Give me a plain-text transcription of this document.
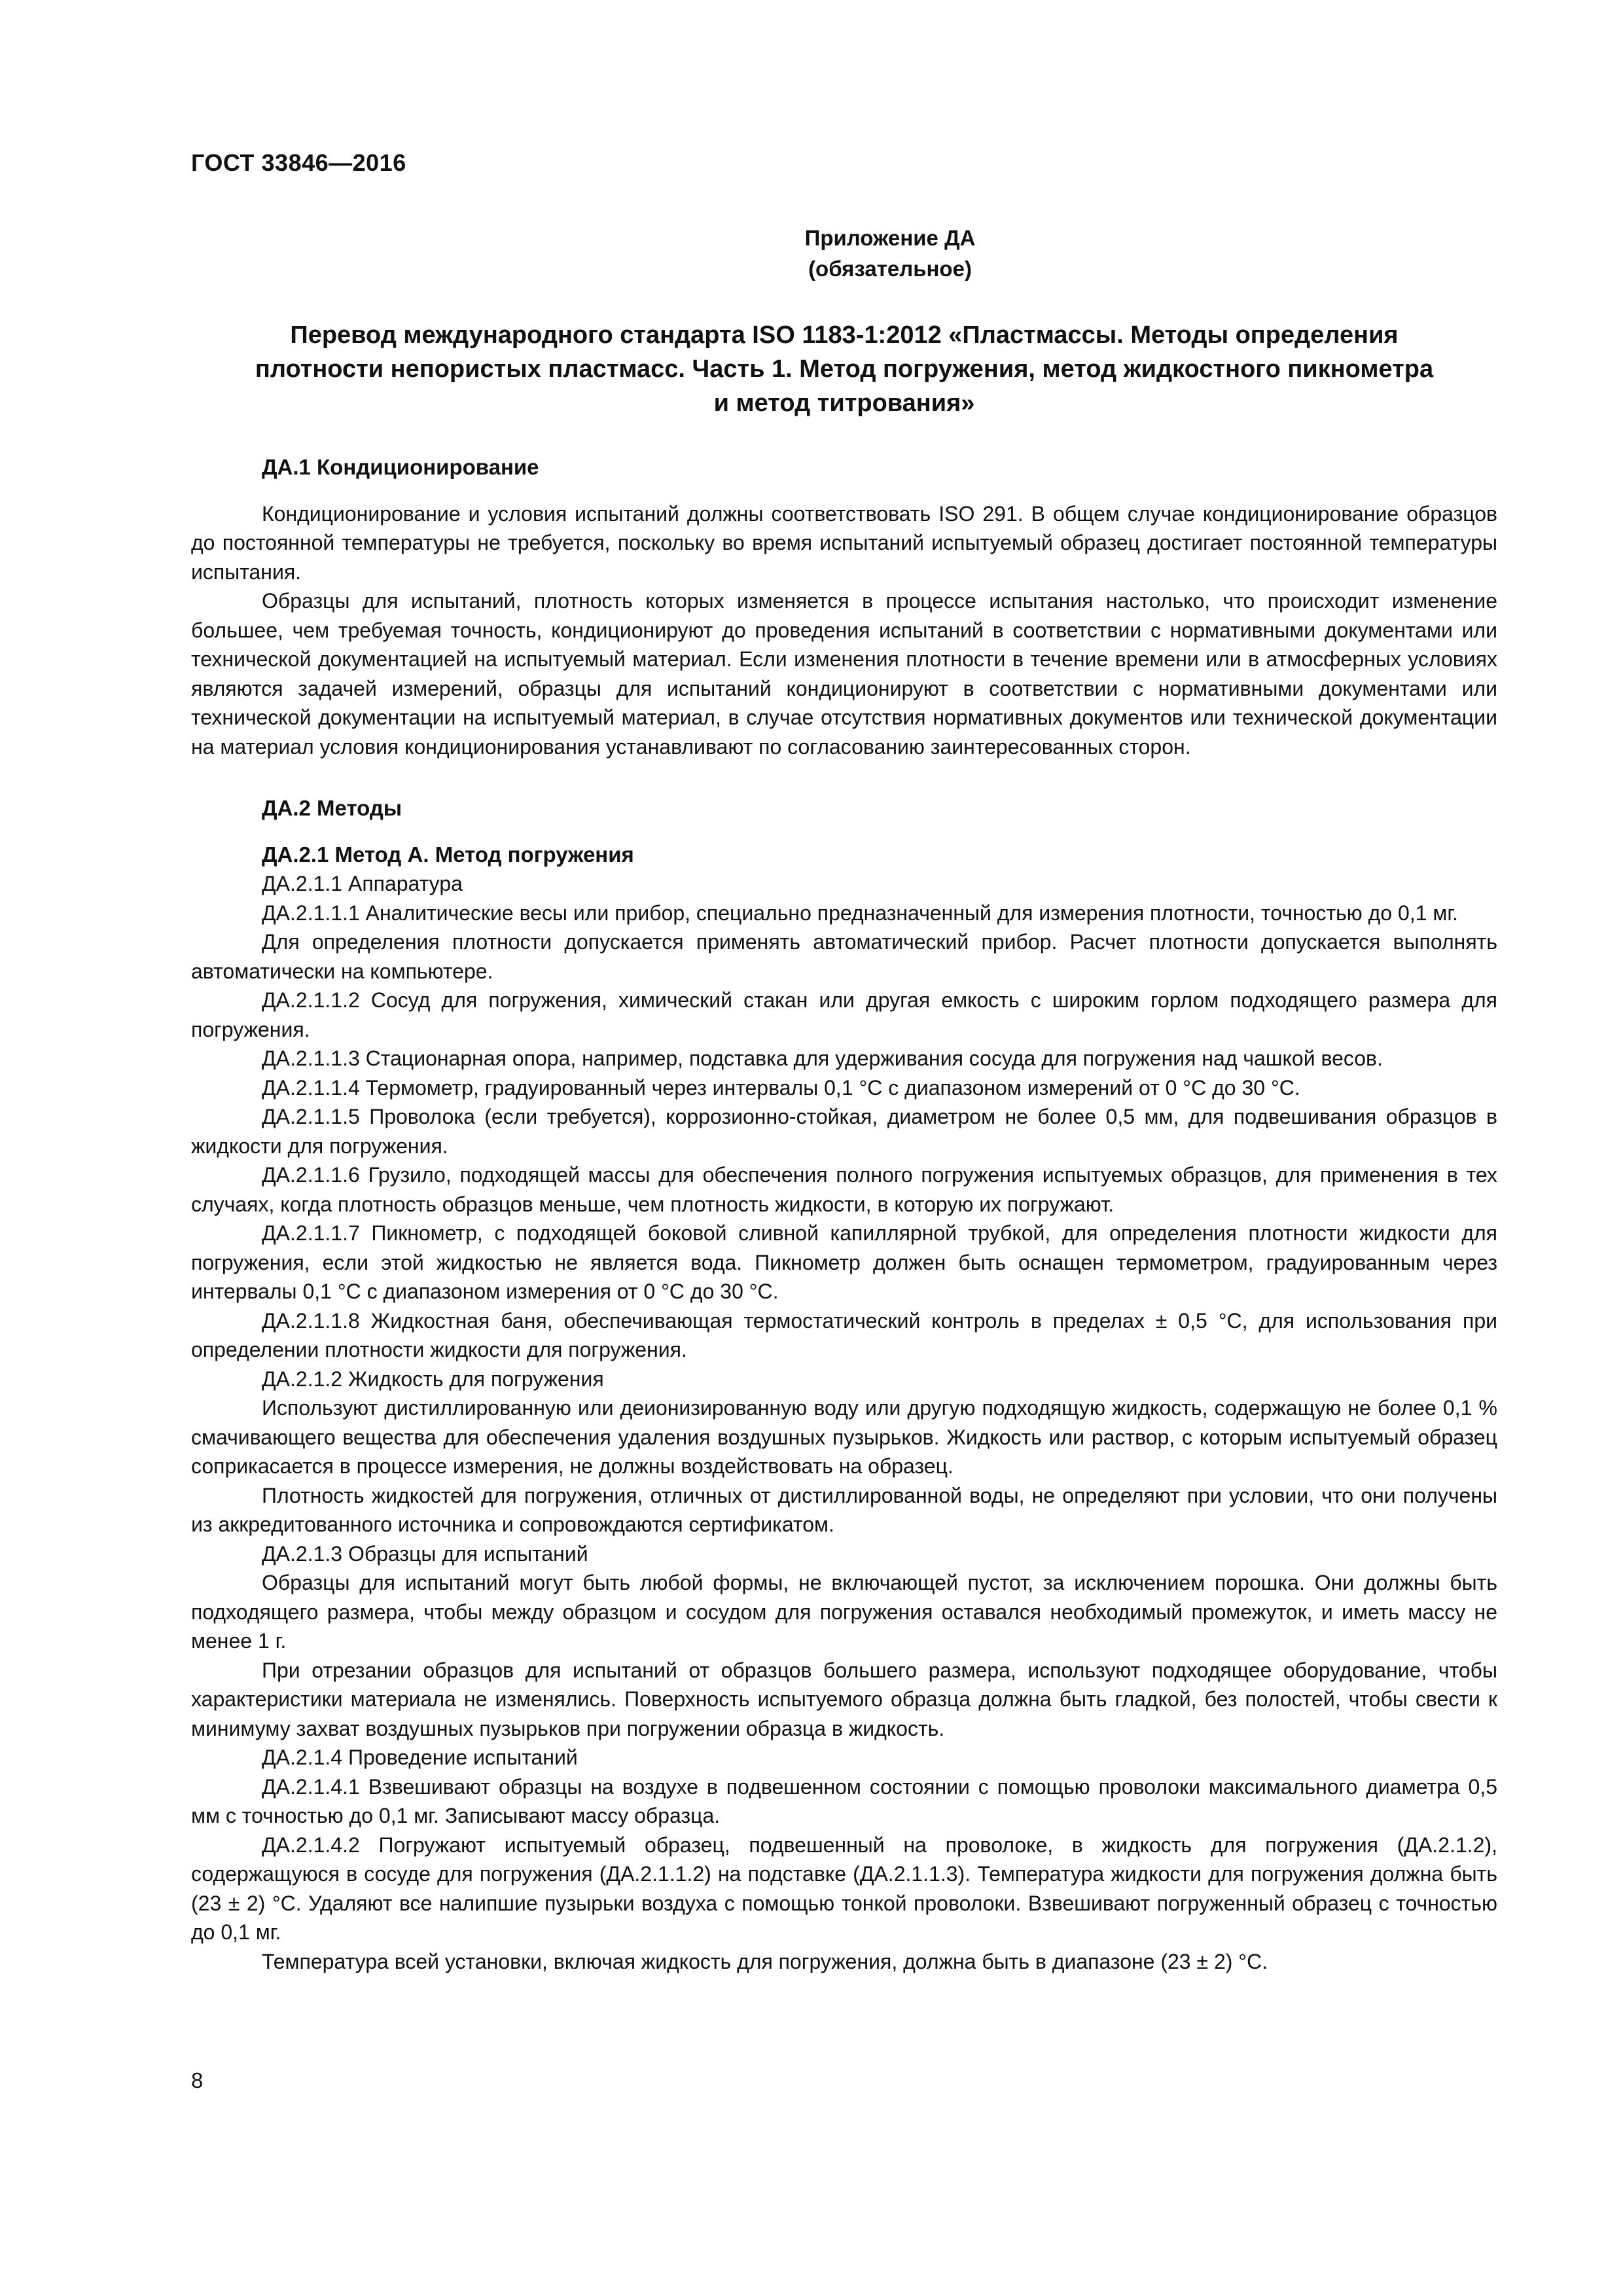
ГОСТ 33846—2016
Приложение ДА
(обязательное)
Перевод международного стандарта ISO 1183-1:2012 «Пластмассы. Методы определения
плотности непористых пластмасс. Часть 1. Метод погружения, метод жидкостного пикнометра
и метод титрования»
ДА.1 Кондиционирование

Кондиционирование и условия испытаний должны соответствовать ISO 291. В общем случае кондиционирование образцов до постоянной температуры не требуется, поскольку во время испытаний испытуемый образец достигает постоянной температуры испытания.

Образцы для испытаний, плотность которых изменяется в процессе испытания настолько, что происходит изменение большее, чем требуемая точность, кондиционируют до проведения испытаний в соответствии с нормативными документами или технической документацией на испытуемый материал. Если изменения плотности в течение времени или в атмосферных условиях являются задачей измерений, образцы для испытаний кондиционируют в соответствии с нормативными документами или технической документации на испытуемый материал, в случае отсутствия нормативных документов или технической документации на материал условия кондиционирования устанавливают по согласованию заинтересованных сторон.

ДА.2 Методы
ДА.2.1 Метод А. Метод погружения

ДА.2.1.1 Аппаратура

ДА.2.1.1.1 Аналитические весы или прибор, специально предназначенный для измерения плотности, точностью до 0,1 мг.

Для определения плотности допускается применять автоматический прибор. Расчет плотности допускается выполнять автоматически на компьютере.

ДА.2.1.1.2 Сосуд для погружения, химический стакан или другая емкость с широким горлом подходящего размера для погружения.

ДА.2.1.1.3 Стационарная опора, например, подставка для удерживания сосуда для погружения над чашкой весов.

ДА.2.1.1.4 Термометр, градуированный через интервалы 0,1 °С с диапазоном измерений от 0 °С до 30 °С.

ДА.2.1.1.5 Проволока (если требуется), коррозионно-стойкая, диаметром не более 0,5 мм, для подвешивания образцов в жидкости для погружения.

ДА.2.1.1.6 Грузило, подходящей массы для обеспечения полного погружения испытуемых образцов, для применения в тех случаях, когда плотность образцов меньше, чем плотность жидкости, в которую их погружают.

ДА.2.1.1.7 Пикнометр, с подходящей боковой сливной капиллярной трубкой, для определения плотности жидкости для погружения, если этой жидкостью не является вода. Пикнометр должен быть оснащен термометром, градуированным через интервалы 0,1 °С с диапазоном измерения от 0 °С до 30 °С.

ДА.2.1.1.8 Жидкостная баня, обеспечивающая термостатический контроль в пределах ± 0,5 °С, для использования при определении плотности жидкости для погружения.

ДА.2.1.2 Жидкость для погружения

Используют дистиллированную или деионизированную воду или другую подходящую жидкость, содержащую не более 0,1 % смачивающего вещества для обеспечения удаления воздушных пузырьков. Жидкость или раствор, с которым испытуемый образец соприкасается в процессе измерения, не должны воздействовать на образец.

Плотность жидкостей для погружения, отличных от дистиллированной воды, не определяют при условии, что они получены из аккредитованного источника и сопровождаются сертификатом.

ДА.2.1.3 Образцы для испытаний

Образцы для испытаний могут быть любой формы, не включающей пустот, за исключением порошка. Они должны быть подходящего размера, чтобы между образцом и сосудом для погружения оставался необходимый промежуток, и иметь массу не менее 1 г.

При отрезании образцов для испытаний от образцов большего размера, используют подходящее оборудование, чтобы характеристики материала не изменялись. Поверхность испытуемого образца должна быть гладкой, без полостей, чтобы свести к минимуму захват воздушных пузырьков при погружении образца в жидкость.

ДА.2.1.4 Проведение испытаний

ДА.2.1.4.1 Взвешивают образцы на воздухе в подвешенном состоянии с помощью проволоки максимального диаметра 0,5 мм с точностью до 0,1 мг. Записывают массу образца.

ДА.2.1.4.2 Погружают испытуемый образец, подвешенный на проволоке, в жидкость для погружения (ДА.2.1.2), содержащуюся в сосуде для погружения (ДА.2.1.1.2) на подставке (ДА.2.1.1.3). Температура жидкости для погружения должна быть (23 ± 2) °С. Удаляют все налипшие пузырьки воздуха с помощью тонкой проволоки. Взвешивают погруженный образец с точностью до 0,1 мг.

Температура всей установки, включая жидкость для погружения, должна быть в диапазоне (23 ± 2) °С.

8
